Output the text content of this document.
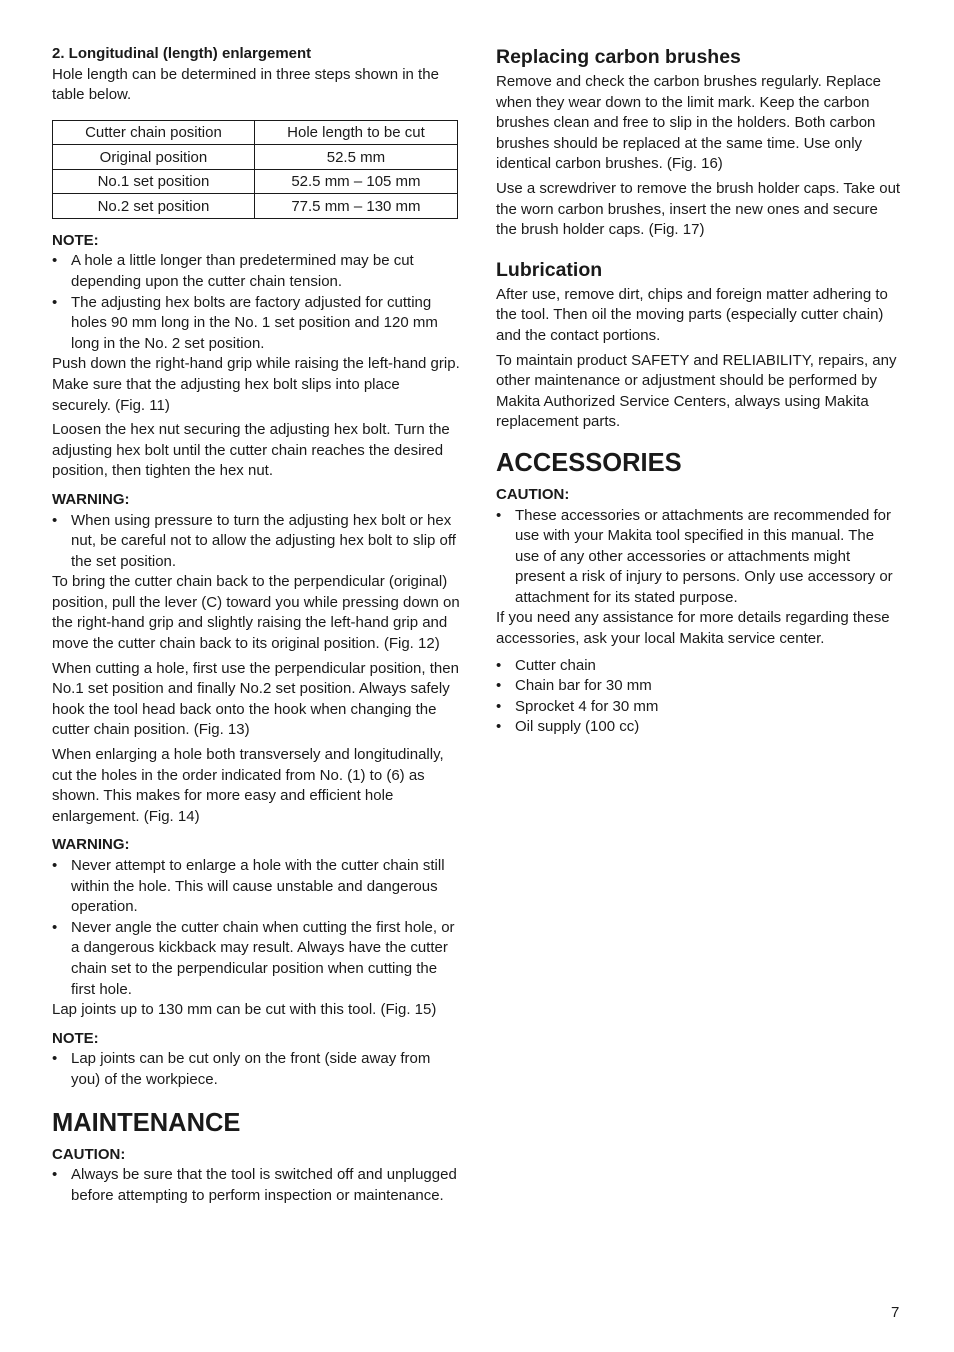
2. Longitudinal (length) enlargement

Hole length can be determined in three steps shown in the table below.

Cutter chain position	Hole length to be cut
Original position	52.5 mm
No.1 set position	52.5 mm – 105 mm
No.2 set position	77.5 mm – 130 mm

NOTE:

• A hole a little longer than predetermined may be cut depending upon the cutter chain tension.
• The adjusting hex bolts are factory adjusted for cutting holes 90 mm long in the No. 1 set position and 120 mm long in the No. 2 set position.

Push down the right-hand grip while raising the left-hand grip. Make sure that the adjusting hex bolt slips into place securely. (Fig. 11)

Loosen the hex nut securing the adjusting hex bolt. Turn the adjusting hex bolt until the cutter chain reaches the desired position, then tighten the hex nut.

WARNING:

• When using pressure to turn the adjusting hex bolt or hex nut, be careful not to allow the adjusting hex bolt to slip off the set position.

To bring the cutter chain back to the perpendicular (original) position, pull the lever (C) toward you while pressing down on the right-hand grip and slightly raising the left-hand grip and move the cutter chain back to its original position. (Fig. 12)

When cutting a hole, first use the perpendicular position, then No.1 set position and finally No.2 set position. Always safely hook the tool head back onto the hook when changing the cutter chain position. (Fig. 13)

When enlarging a hole both transversely and longitudinally, cut the holes in the order indicated from No. (1) to (6) as shown. This makes for more easy and efficient hole enlargement. (Fig. 14)

WARNING:

• Never attempt to enlarge a hole with the cutter chain still within the hole. This will cause unstable and dangerous operation.
• Never angle the cutter chain when cutting the first hole, or a dangerous kickback may result. Always have the cutter chain set to the perpendicular position when cutting the first hole.

Lap joints up to 130 mm can be cut with this tool. (Fig. 15)

NOTE:

• Lap joints can be cut only on the front (side away from you) of the workpiece.
MAINTENANCE

CAUTION:

• Always be sure that the tool is switched off and unplugged before attempting to perform inspection or maintenance.
Replacing carbon brushes

Remove and check the carbon brushes regularly. Replace when they wear down to the limit mark. Keep the carbon brushes clean and free to slip in the holders. Both carbon brushes should be replaced at the same time. Use only identical carbon brushes. (Fig. 16)

Use a screwdriver to remove the brush holder caps. Take out the worn carbon brushes, insert the new ones and secure the brush holder caps. (Fig. 17)

Lubrication

After use, remove dirt, chips and foreign matter adhering to the tool. Then oil the moving parts (especially cutter chain) and the contact portions.

To maintain product SAFETY and RELIABILITY, repairs, any other maintenance or adjustment should be performed by Makita Authorized Service Centers, always using Makita replacement parts.

ACCESSORIES

CAUTION:

• These accessories or attachments are recommended for use with your Makita tool specified in this manual. The use of any other accessories or attachments might present a risk of injury to persons. Only use accessory or attachment for its stated purpose.

If you need any assistance for more details regarding these accessories, ask your local Makita service center.

• Cutter chain
• Chain bar for 30 mm
• Sprocket 4 for 30 mm
• Oil supply (100 cc)
7
